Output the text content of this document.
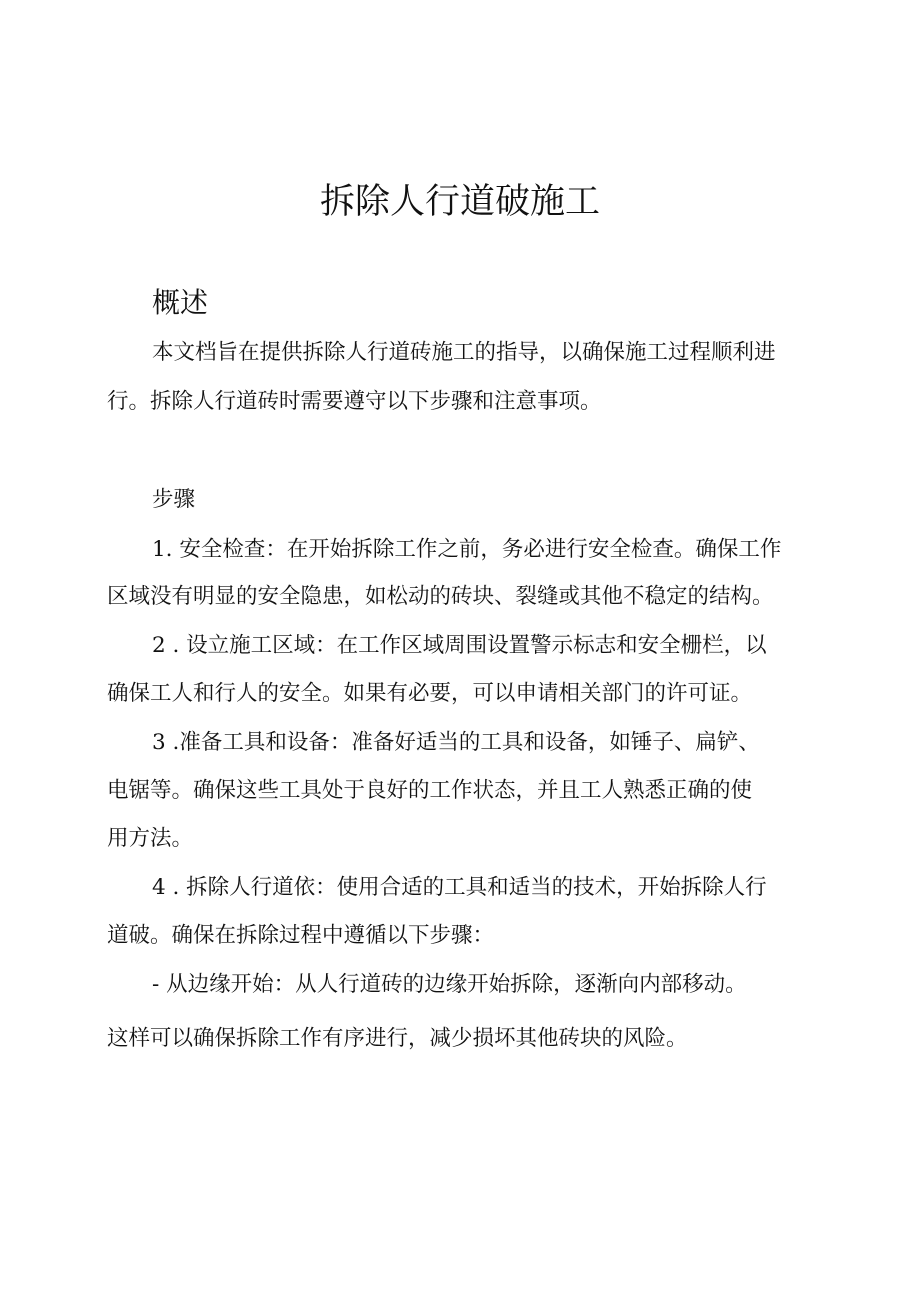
拆除人行道破施工
概述
本文档旨在提供拆除人行道砖施工的指导，以确保施工过程顺利进
行。拆除人行道砖时需要遵守以下步骤和注意事项。
步骤
1. 安全检查：在开始拆除工作之前，务必进行安全检查。确保工作
区域没有明显的安全隐患，如松动的砖块、裂缝或其他不稳定的结构。
2 . 设立施工区域：在工作区域周围设置警示标志和安全栅栏，以
确保工人和行人的安全。如果有必要，可以申请相关部门的许可证。
3 .准备工具和设备：准备好适当的工具和设备，如锤子、扁铲、
电锯等。确保这些工具处于良好的工作状态，并且工人熟悉正确的使
用方法。
4 . 拆除人行道依：使用合适的工具和适当的技术，开始拆除人行
道破。确保在拆除过程中遵循以下步骤：
- 从边缘开始：从人行道砖的边缘开始拆除，逐渐向内部移动。
这样可以确保拆除工作有序进行，减少损坏其他砖块的风险。
